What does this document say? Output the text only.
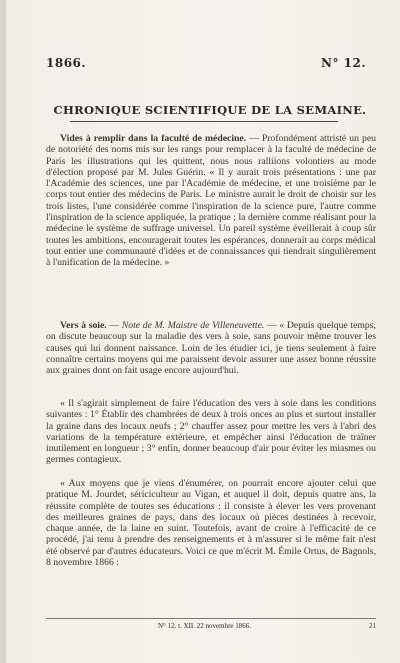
1866.	N° 12.
CHRONIQUE SCIENTIFIQUE DE LA SEMAINE.

Vides à remplir dans la faculté de médecine. — Profondément attristé un peu de notoriété des noms mis sur les rangs pour remplacer à la faculté de médecine de Paris les illustrations qui les quittent, nous nous ralliions volontiers au mode d'élection proposé par M. Jules Guérin. « Il y aurait trois présentations : une par l'Académie des sciences, une par l'Académie de médecine, et une troisième par le corps tout entier des médecins de Paris. Le ministre aurait le droit de choisir sur les trois listes, l'une considérée comme l'inspiration de la science pure, l'autre comme l'inspiration de la science appliquée, la pratique ; la dernière comme réalisant pour la médecine le système de suffrage universel. Un pareil système éveillerait à coup sûr toutes les ambitions, encouragerait toutes les espérances, donnerait au corps médical tout entier une communauté d'idées et de connaissances qui tiendrait singulièrement à l'unification de la médecine. »

Vers à soie. — Note de M. Maistre de Villeneuvette. — « Depuis quelque temps, on discute beaucoup sur la maladie des vers à soie, sans pouvoir même trouver les causes qui lui donnent naissance. Loin de les étudier ici, je tiens seulement à faire connaître certains moyens qui me paraissent devoir assurer une assez bonne réussite aux graines dont on fait usage encore aujourd'hui.

« Il s'agirait simplement de faire l'éducation des vers à soie dans les conditions suivantes : 1° Établir des chambrées de deux à trois onces au plus et surtout installer la graine dans des locaux neufs ; 2° chauffer assez pour mettre les vers à l'abri des variations de la température extérieure, et empêcher ainsi l'éducation de traîner inutilement en longueur ; 3° enfin, donner beaucoup d'air pour éviter les miasmes ou germes contagieux.

« Aux moyens que je viens d'énumérer, on pourrait encore ajouter celui que pratique M. Jourdet, sériciculteur au Vigan, et auquel il doit, depuis quatre ans, la réussite complète de toutes ses éducations : il consiste à élever les vers provenant des meilleures graines de pays, dans des locaux où pièces destinées à recevoir, chaque année, de la laine en suint. Toutefois, avant de croire à l'efficacité de ce procédé, j'ai tenu à prendre des renseignements et à m'assurer si le même fait n'est été observé par d'autres éducateurs. Voici ce que m'écrit M. Émile Ortus, de Bagnols, 8 novembre 1866 :

N° 12. t. XII. 22 novembre 1866.	21
